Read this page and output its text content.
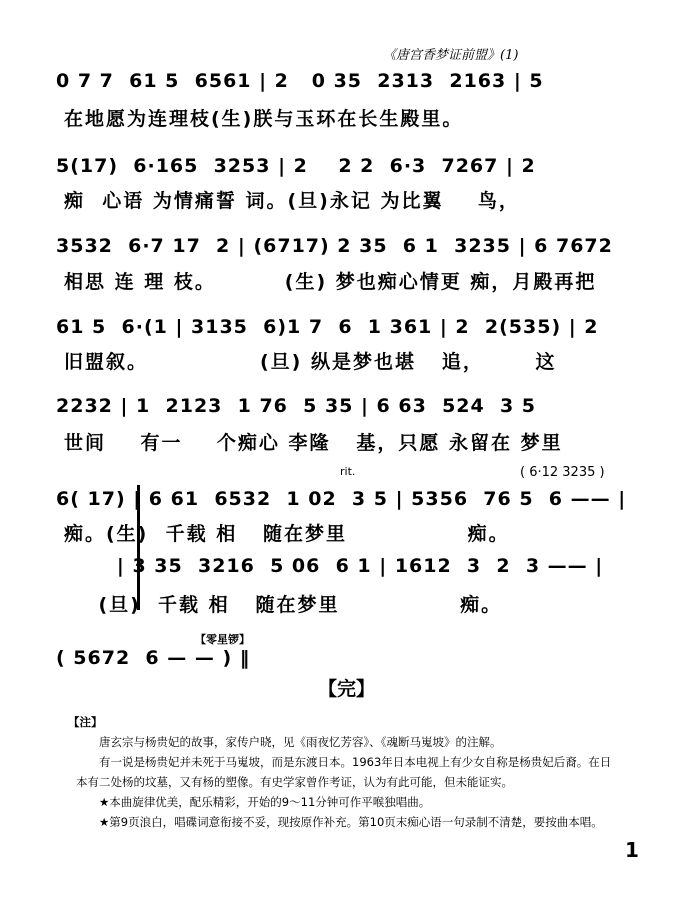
《唐宫香梦证前盟》(1)
0 7 7  61 5  6561 | 2   0 35  2313  2163 | 5
在地愿为连理枝(生)朕与玉环在长生殿里。
5(17)  6·165  3253 | 2    2 2  6·3  7267 | 2
痴  心语 为情痛誓 词。(旦)永记 为比翼    鸟，
3532  6·7 17  2 | (6717) 2 35  6 1  3235 | 6 7672
相思 连 理 枝。        (生) 梦也痴心情更 痴，月殿再把
61 5  6·(1 | 3135  6)1 7  6  1 361 | 2  2(535) | 2
旧盟叙。             (旦) 纵是梦也堪   追，      这
2232 | 1  2123  1 76  5 35 | 6 63  524  3 5
世间    有一    个痴心 李隆   基，只愿 永留在 梦里
rit.	( 6·12 3235 )
6( 17) | 6 61  6532  1 02  3 5 | 5356  76 5  6 —— |
痴。(生)  千载 相   随在梦里              痴。
| 3 35  3216  5 06  6 1 | 1612  3  2  3 —— |
(旦)  千载 相   随在梦里              痴。
【零星锣】
( 5672  6 — — ) ‖
【完】

【注】

唐玄宗与杨贵妃的故事，家传户晓，见《雨夜忆芳容》、《魂断马嵬坡》的注解。

有一说是杨贵妃并未死于马嵬坡，而是东渡日本。1963年日本电视上有少女自称是杨贵妃后裔。在日本有二处杨的坟墓，又有杨的塑像。有史学家曾作考证，认为有此可能，但未能证实。

★本曲旋律优美，配乐精彩，开始的9～11分钟可作平喉独唱曲。

★第9页浪白，唱碟词意衔接不妥，现按原作补充。第10页末痴心语一句录制不清楚，要按曲本唱。

1
